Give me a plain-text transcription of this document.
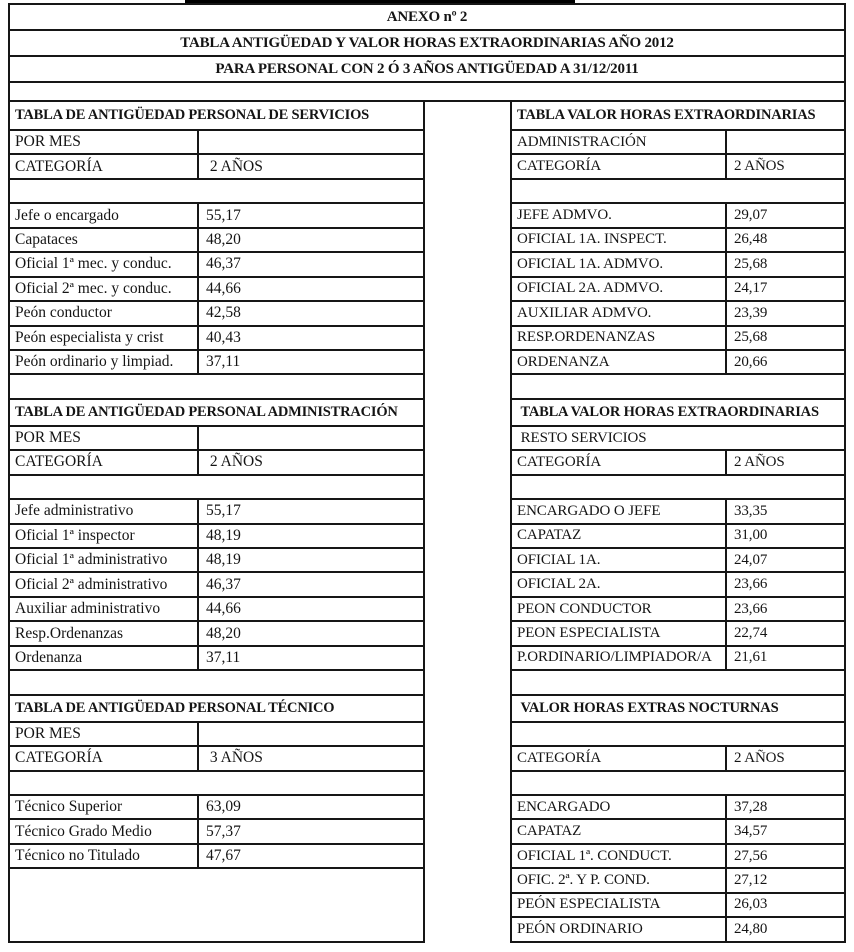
ANEXO nº 2
TABLA ANTIGÜEDAD Y VALOR HORAS EXTRAORDINARIAS AÑO 2012
PARA PERSONAL CON 2 Ó 3 AÑOS ANTIGÜEDAD A 31/12/2011
TABLA DE ANTIGÜEDAD PERSONAL DE SERVICIOS
POR MES
CATEGORÍA	2 AÑOS
Jefe o encargado	55,17
Capataces	48,20
Oficial 1ª mec. y conduc.	46,37
Oficial 2ª mec. y conduc.	44,66
Peón conductor	42,58
Peón especialista y crist	40,43
Peón ordinario y limpiad.	37,11
TABLA DE ANTIGÜEDAD PERSONAL ADMINISTRACIÓN
POR MES
CATEGORÍA	2 AÑOS
Jefe administrativo	55,17
Oficial 1ª inspector	48,19
Oficial 1ª administrativo	48,19
Oficial 2ª administrativo	46,37
Auxiliar administrativo	44,66
Resp.Ordenanzas	48,20
Ordenanza	37,11
TABLA DE ANTIGÜEDAD PERSONAL TÉCNICO
POR MES
CATEGORÍA	3 AÑOS
Técnico Superior	63,09
Técnico Grado Medio	57,37
Técnico no Titulado	47,67
TABLA VALOR HORAS EXTRAORDINARIAS
ADMINISTRACIÓN
CATEGORÍA	2 AÑOS
JEFE ADMVO.	29,07
OFICIAL 1A. INSPECT.	26,48
OFICIAL 1A. ADMVO.	25,68
OFICIAL 2A. ADMVO.	24,17
AUXILIAR ADMVO.	23,39
RESP.ORDENANZAS	25,68
ORDENANZA	20,66
TABLA VALOR HORAS EXTRAORDINARIAS
RESTO SERVICIOS
CATEGORÍA	2 AÑOS
ENCARGADO O JEFE	33,35
CAPATAZ	31,00
OFICIAL 1A.	24,07
OFICIAL 2A.	23,66
PEON CONDUCTOR	23,66
PEON ESPECIALISTA	22,74
P.ORDINARIO/LIMPIADOR/A	21,61
VALOR HORAS EXTRAS NOCTURNAS
CATEGORÍA	2 AÑOS
ENCARGADO	37,28
CAPATAZ	34,57
OFICIAL 1ª. CONDUCT.	27,56
OFIC. 2ª. Y P. COND.	27,12
PEÓN ESPECIALISTA	26,03
PEÓN ORDINARIO	24,80
